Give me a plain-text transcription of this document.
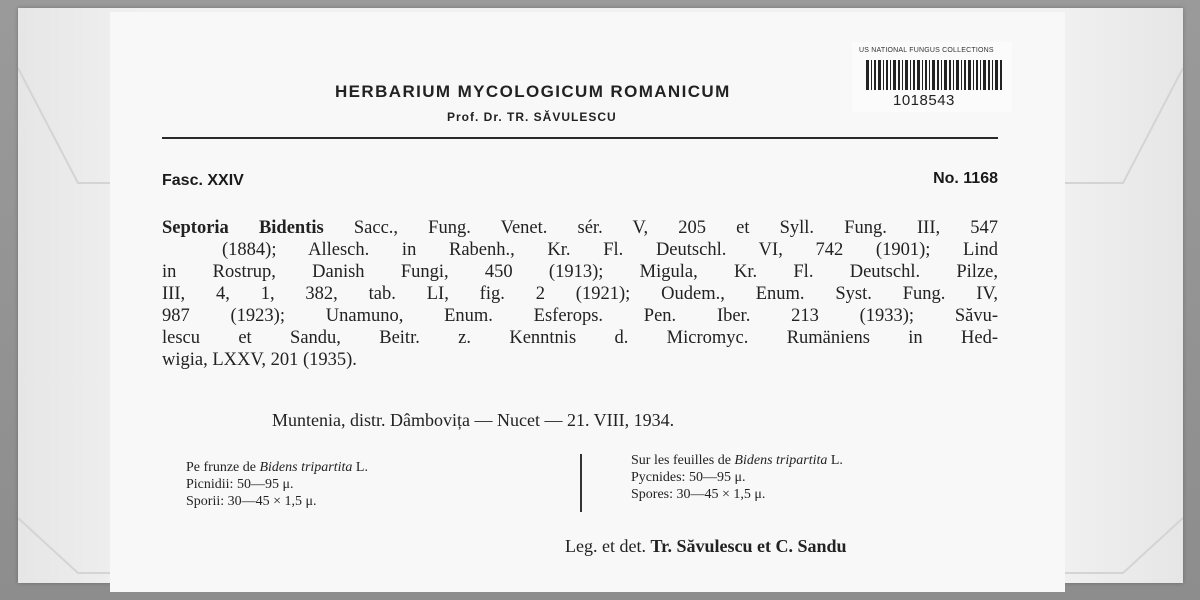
HERBARIUM MYCOLOGICUM ROMANICUM
Prof. Dr. TR. SĂVULESCU
US NATIONAL FUNGUS COLLECTIONS
1018543
Fasc. XXIV	No. 1168
Septoria Bidentis Sacc., Fung. Venet. sér. V, 205 et Syll. Fung. III, 547
(1884); Allesch. in Rabenh., Kr. Fl. Deutschl. VI, 742 (1901); Lind
in Rostrup, Danish Fungi, 450 (1913); Migula, Kr. Fl. Deutschl. Pilze,
III, 4, 1, 382, tab. LI, fig. 2 (1921); Oudem., Enum. Syst. Fung. IV,
987 (1923); Unamuno, Enum. Esferops. Pen. Iber. 213 (1933); Săvu-
lescu et Sandu, Beitr. z. Kenntnis d. Micromyc. Rumäniens in Hed-
wigia, LXXV, 201 (1935).
Muntenia, distr. Dâmbovița — Nucet — 21. VIII, 1934.
Pe frunze de Bidens tripartita L.
Picnidii: 50—95 μ.
Sporii: 30—45 × 1,5 μ.
Sur les feuilles de Bidens tripartita L.
Pycnides: 50—95 μ.
Spores: 30—45 × 1,5 μ.
Leg. et det. Tr. Săvulescu et C. Sandu
